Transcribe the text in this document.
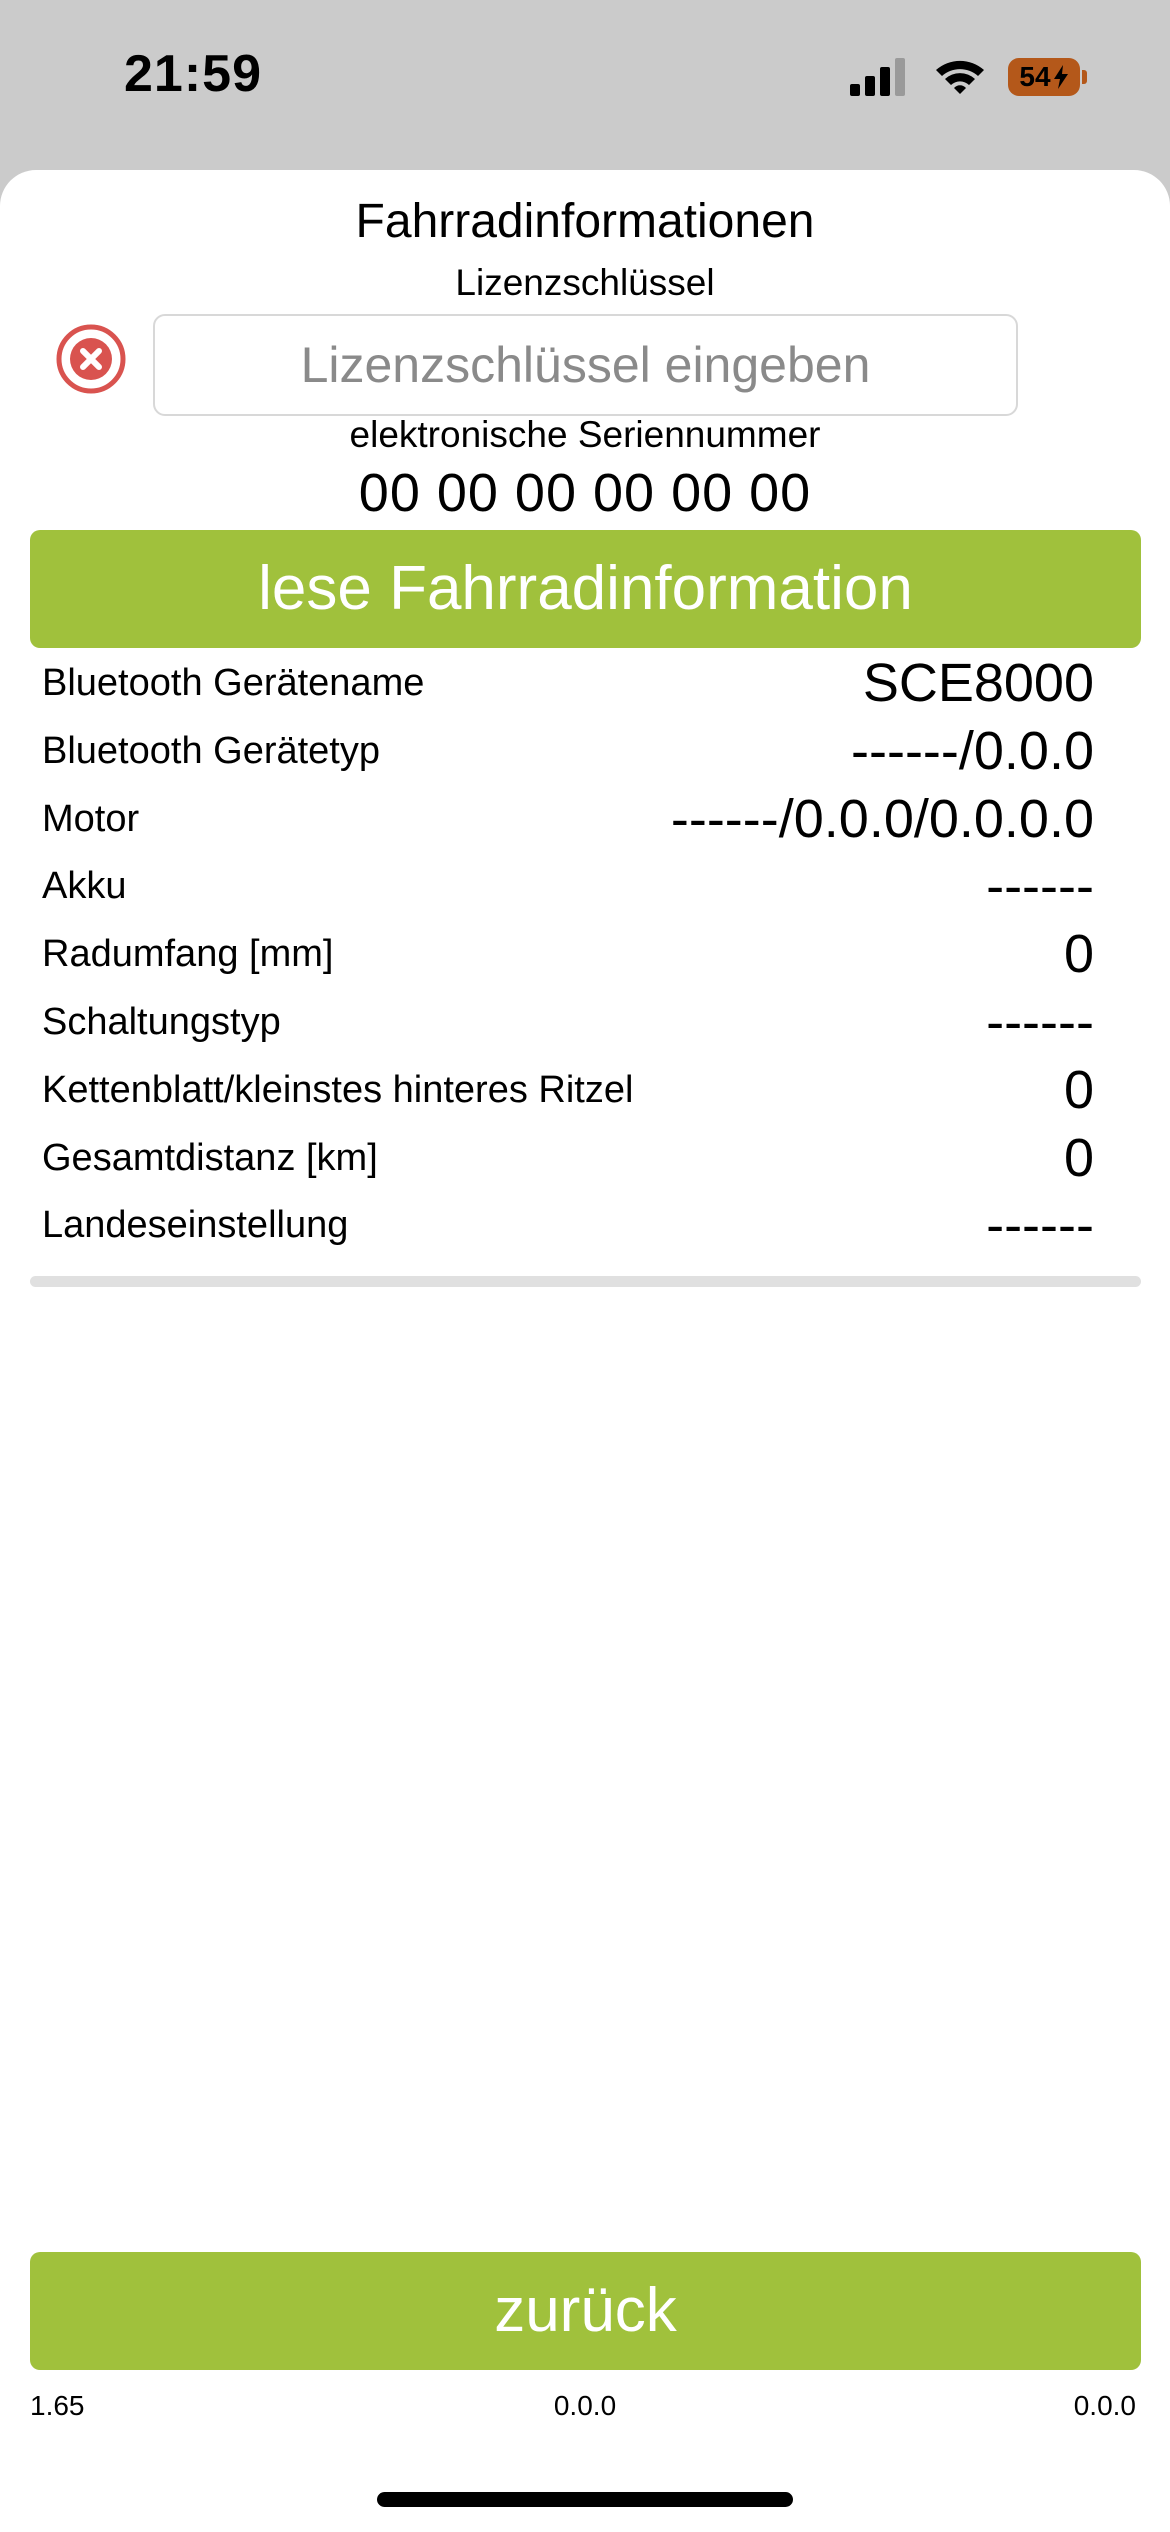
21:59	54
Fahrradinformationen
Lizenzschlüssel
Lizenzschlüssel eingeben
elektronische Seriennummer
00 00 00 00 00 00
lese Fahrradinformation
Bluetooth Gerätename	SCE8000
Bluetooth Gerätetyp	------/0.0.0
Motor	------/0.0.0/0.0.0.0
Akku	------
Radumfang [mm]	0
Schaltungstyp	------
Kettenblatt/kleinstes hinteres Ritzel	0
Gesamtdistanz [km]	0
Landeseinstellung	------
zurück
1.65	0.0.0	0.0.0
